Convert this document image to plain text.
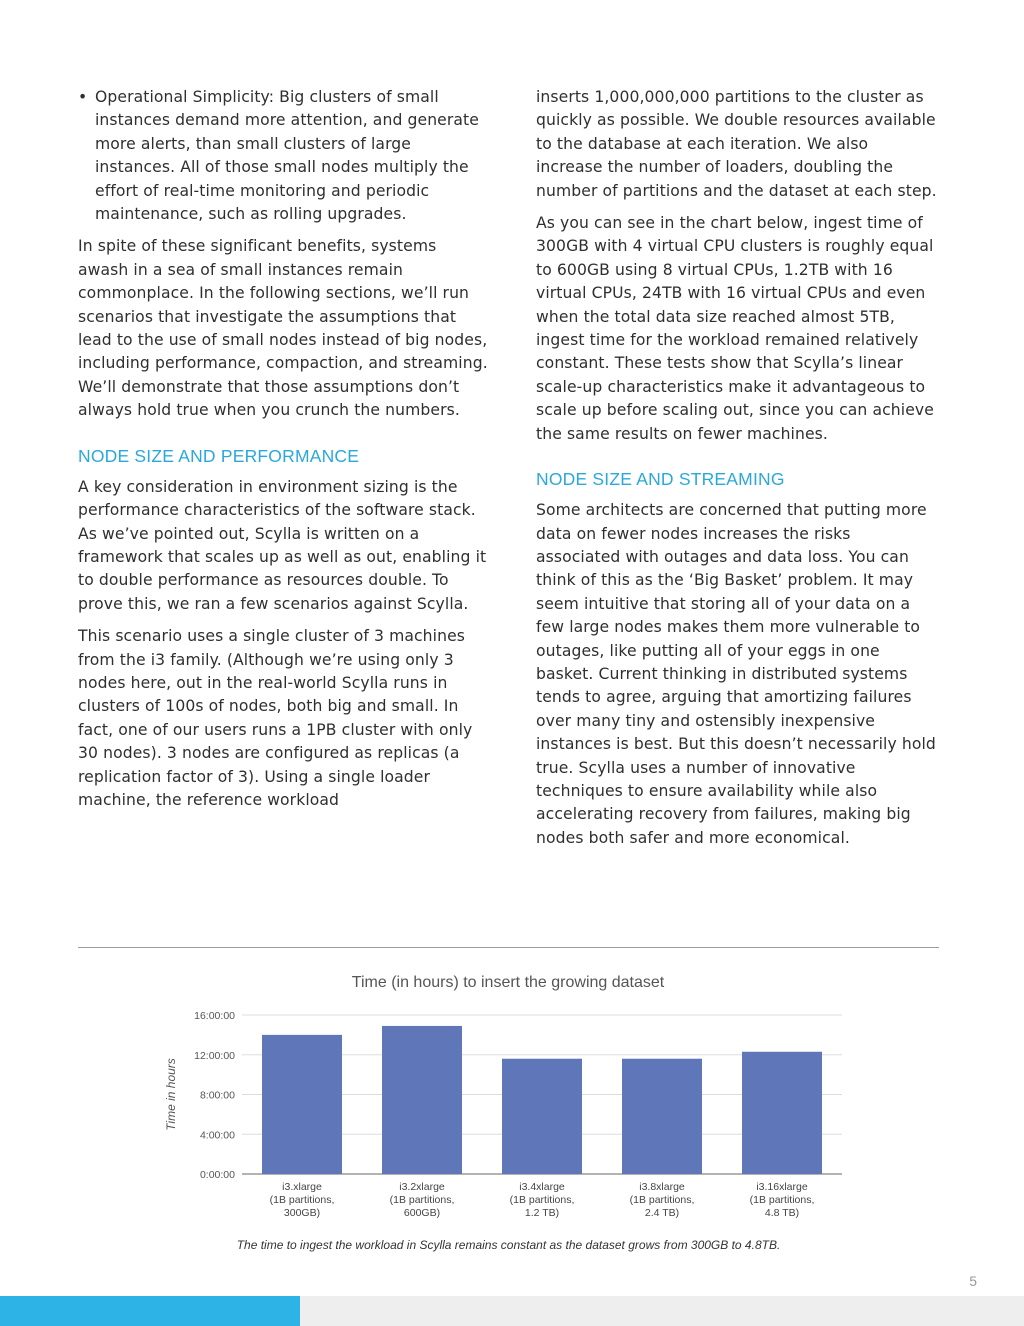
• Operational Simplicity: Big clusters of small instances demand more attention, and generate more alerts, than small clusters of large instances. All of those small nodes multiply the effort of real-time monitoring and periodic maintenance, such as rolling upgrades.

In spite of these significant benefits, systems awash in a sea of small instances remain commonplace. In the following sections, we’ll run scenarios that investigate the assumptions that lead to the use of small nodes instead of big nodes, including performance, compaction, and streaming. We’ll demonstrate that those assumptions don’t always hold true when you crunch the numbers.

NODE SIZE AND PERFORMANCE

A key consideration in environment sizing is the performance characteristics of the software stack. As we’ve pointed out, Scylla is written on a framework that scales up as well as out, enabling it to double performance as resources double. To prove this, we ran a few scenarios against Scylla.

This scenario uses a single cluster of 3 machines from the i3 family. (Although we’re using only 3 nodes here, out in the real-world Scylla runs in clusters of 100s of nodes, both big and small. In fact, one of our users runs a 1PB cluster with only 30 nodes). 3 nodes are configured as replicas (a replication factor of 3). Using a single loader machine, the reference workload

inserts 1,000,000,000 partitions to the cluster as quickly as possible. We double resources available to the database at each iteration. We also increase the number of loaders, doubling the number of partitions and the dataset at each step.

As you can see in the chart below, ingest time of 300GB with 4 virtual CPU clusters is roughly equal to 600GB using 8 virtual CPUs, 1.2TB with 16 virtual CPUs, 24TB with 16 virtual CPUs and even when the total data size reached almost 5TB, ingest time for the workload remained relatively constant. These tests show that Scylla’s linear scale-up characteristics make it advantageous to scale up before scaling out, since you can achieve the same results on fewer machines.

NODE SIZE AND STREAMING

Some architects are concerned that putting more data on fewer nodes increases the risks associated with outages and data loss. You can think of this as the ‘Big Basket’ problem. It may seem intuitive that storing all of your data on a few large nodes makes them more vulnerable to outages, like putting all of your eggs in one basket. Current thinking in distributed systems tends to agree, arguing that amortizing failures over many tiny and ostensibly inexpensive instances is best. But this doesn’t necessarily hold true. Scylla uses a number of innovative techniques to ensure availability while also accelerating recovery from failures, making big nodes both safer and more economical.

Time (in hours) to insert the growing dataset
0:00:00
4:00:00
8:00:00
12:00:00
16:00:00
Time in hours
i3.xlarge
(1B partitions,
300GB)
i3.2xlarge
(1B partitions,
600GB)
i3.4xlarge
(1B partitions,
1.2 TB)
i3.8xlarge
(1B partitions,
2.4 TB)
i3.16xlarge
(1B partitions,
4.8 TB)
The time to ingest the workload in Scylla remains constant as the dataset grows from 300GB to 4.8TB.
5
